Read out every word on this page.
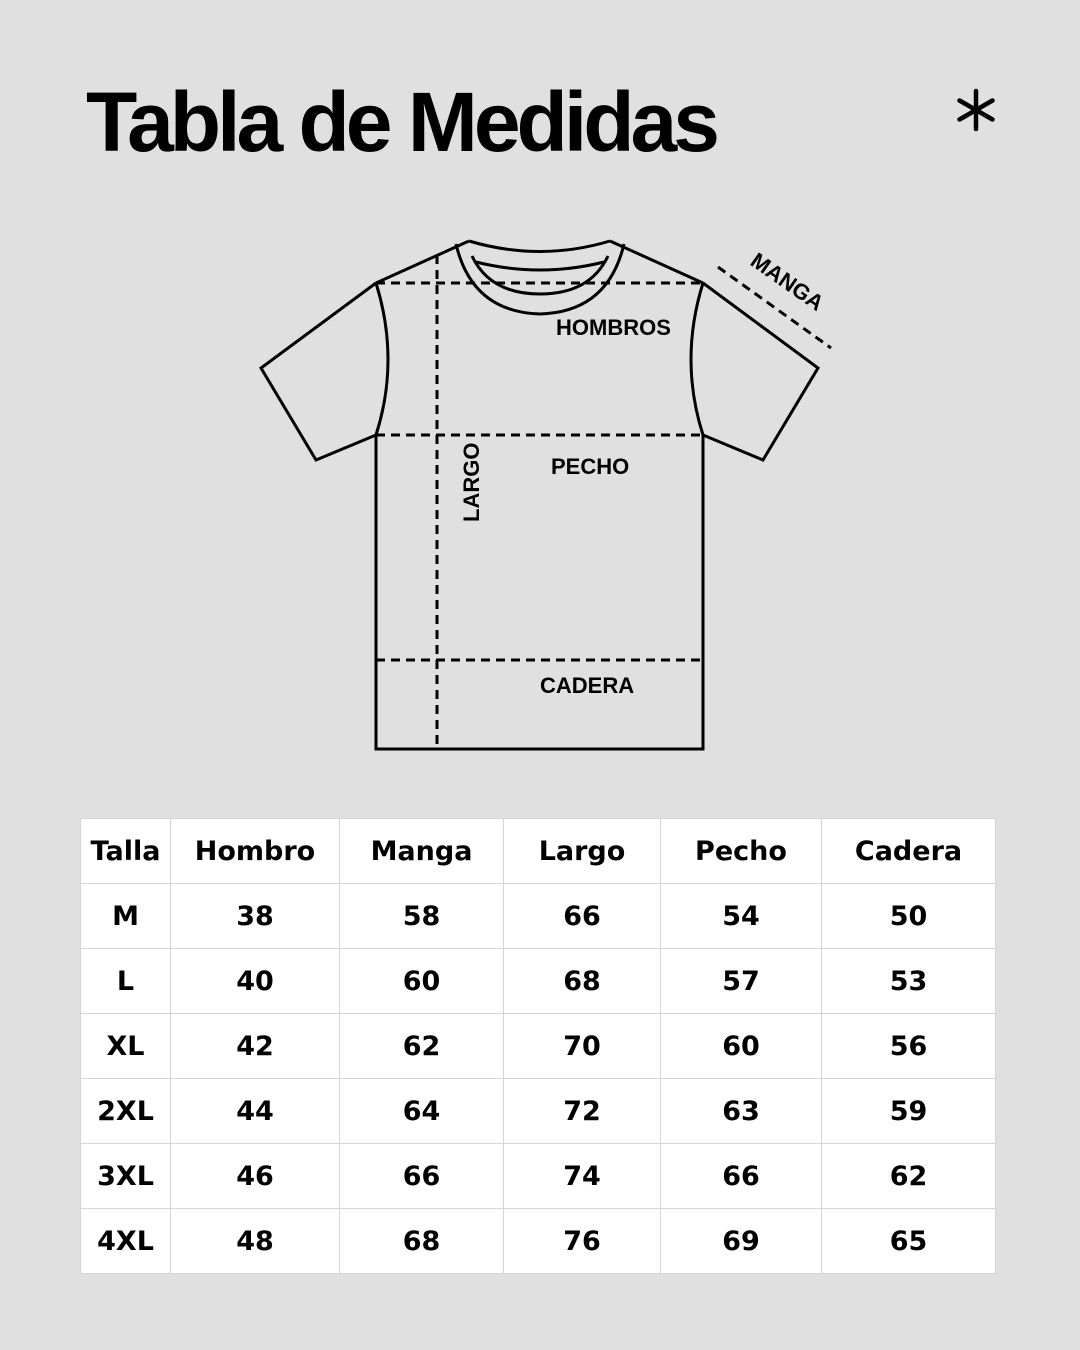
Tabla de Medidas
HOMBROS
PECHO
CADERA
LARGO
MANGA
Talla	Hombro	Manga	Largo	Pecho	Cadera
M	38	58	66	54	50
L	40	60	68	57	53
XL	42	62	70	60	56
2XL	44	64	72	63	59
3XL	46	66	74	66	62
4XL	48	68	76	69	65
